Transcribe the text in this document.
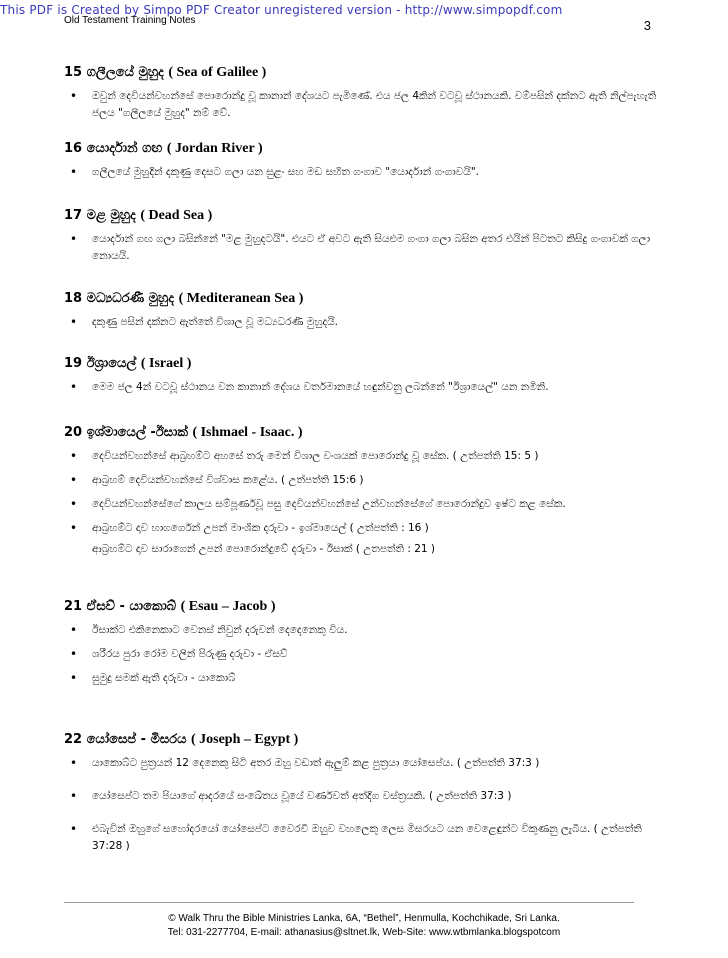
This PDF is Created by Simpo PDF Creator unregistered version - http://www.simpopdf.com
Old Testament Training Notes	3
15 ගලීලයේ මුහුද ( Sea of Galilee )
• ඔවුන් දෙවියන්වහන්සේ පොරොන්දු වූ කානාන් දේශයට පැමිණේ. එය ජල 4කින් වටවූ ස්ථානයකි. වම්පසින් දක්නට ඇති නිල්පැහැති ජලය "ගලීලයේ මුහුද" නම් වේ.
16 යොර්දාන් ගඟ ( Jordan River )
• ගලීලයේ මුහුදින් දකුණු දෙසට ගලා යන සුළං සහ මඩ සහිත ගංගාව "යොර්දාන් ගංගාවයි".
17 මළ මුහුද ( Dead Sea )
• යොර්දාන් ගඟ ගලා බසින්නේ "මළ මුහුදටයි". එයට ඒ අවට ඇති සියළුම ගංගා ගලා බසින අතර එයින් පිටතට කිසිදු ගංගාවක් ගලා නොයයි.
18 මධ්‍යධරණී මුහුද ( Mediteranean Sea )
• දකුණු පසින් දක්නට ඇත්තේ විශාල වූ මධ්‍යධරණී මුහුදයි.
19 ඊශ්‍රායෙල් ( Israel )
• මෙම ජල 4න් වටවූ ස්ථානය වන කානාන් දේශය වර්තමානයේ හඳුන්වනු ලබන්නේ "ඊශ්‍රායෙල්" යන නමිනි.
20 ඉශ්මායෙල් -ඊසාක් ( Ishmael - Isaac. )
• දෙවියන්වහන්සේ ආබ්‍රහම්ට අහසේ තරු මෙන් විශාල වංශයක් පොරොන්දු වූ සේක. ( උත්පත්ති 15: 5 )
• ආබ්‍රහම් දෙවියන්වහන්සේ විශ්වාස කළේය. ( උත්පත්ති 15:6 )
• දෙවියන්වහන්සේගේ කාලය සම්පූර්ණවූ පසු දෙවියන්වහන්සේ උන්වහන්සේගේ පොරොන්දුව ඉෂ්ට කළ සේක.
• ආබ්‍රහම්ට දාව හාගර්ගෙන් උපන් මාංශික දරුවා - ඉශ්මායෙල් ( උත්පත්ති : 16 )
ආබ්‍රහම්ට දාව සාරාගෙන් උපන් පොරොන්දුවේ දරුවා - ඊසාක් ( උතපත්ති : 21 )
21 ඒසව් - යාකොබ් ( Esau – Jacob )
• ඊසාක්ට එකිනෙකාට වෙනස් නිවුන් දරුවන් දෙදෙනෙකු විය.
• ශරීරය පුරා රෝම වලින් පිරුණු දරුවා - ඒසව්
• සුමුදු සමක් ඇති දරුවා - යාකොබ්
22 යෝසෙප් - මිසරය ( Joseph – Egypt )
• යාකොබ්ට පුත්‍රයන් 12 දෙනෙකු සිටි අතර ඔහු වඩාත් ඇලුම් කළ පුත්‍රයා යෝසෙප්ය. ( උත්පත්ති 37:3 )
• යෝසෙප්ට තම පියාගේ ආදරයේ සංඛේතය වූයේ වර්ණවත් අත්දිග වස්ත්‍රයකි. ( උත්පත්ති 37:3 )
• එබැවින් ඔහුගේ සහෝදරයෝ යෝසෙප්ට වෛරවී ඔහුව වහලෙකු ලෙස මිසරයට යන වෙළෙඳුන්ට විකුණනු ලැබීය. ( උත්පත්ති 37:28 )
© Walk Thru the Bible Ministries Lanka, 6A, “Bethel”, Henmulla, Kochchikade, Sri Lanka.
Tel: 031-2277704, E-mail: athanasius@sltnet.lk, Web-Site: www.wtbmlanka.blogspotcom
